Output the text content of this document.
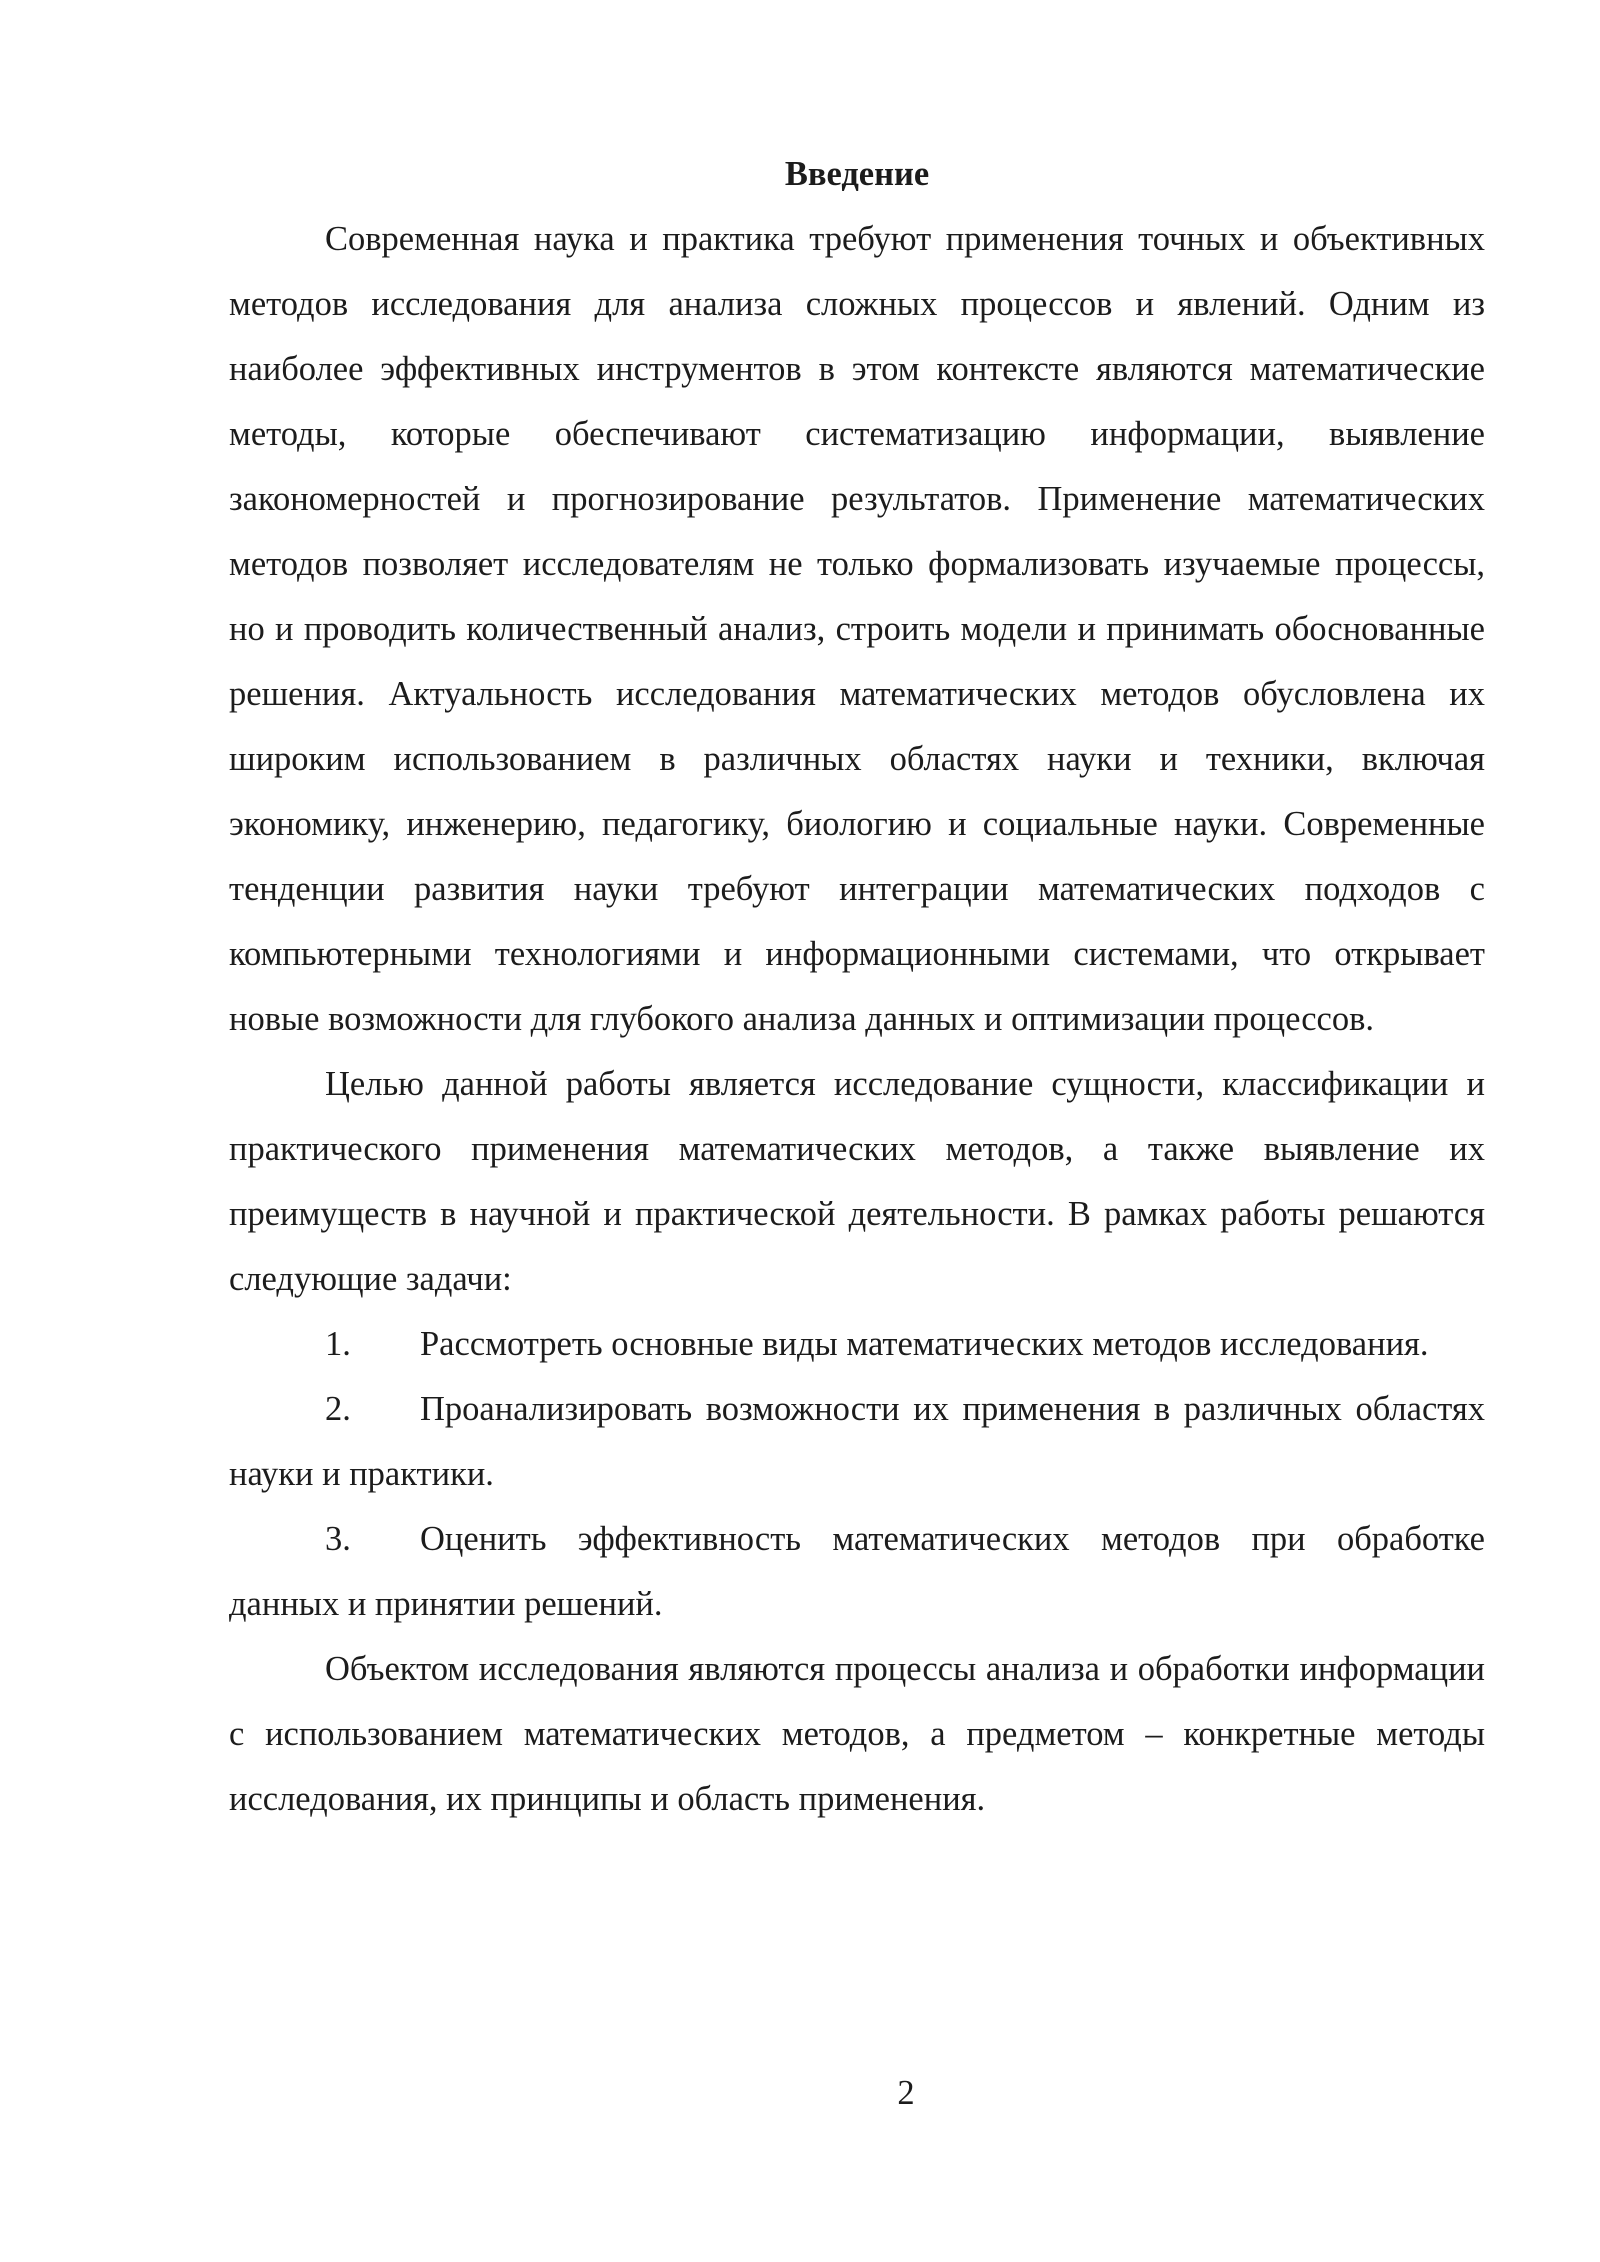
Введение

Современная наука и практика требуют применения точных и объективных методов исследования для анализа сложных процессов и явлений. Одним из наиболее эффективных инструментов в этом контексте являются математические методы, которые обеспечивают систематизацию информации, выявление закономерностей и прогнозирование результатов. Применение математических методов позволяет исследователям не только формализовать изучаемые процессы, но и проводить количественный анализ, строить модели и принимать обоснованные решения. Актуальность исследования математических методов обусловлена их широким использованием в различных областях науки и техники, включая экономику, инженерию, педагогику, биологию и социальные науки. Современные тенденции развития науки требуют интеграции математических подходов с компьютерными технологиями и информационными системами, что открывает новые возможности для глубокого анализа данных и оптимизации процессов.

Целью данной работы является исследование сущности, классификации и практического применения математических методов, а также выявление их преимуществ в научной и практической деятельности. В рамках работы решаются следующие задачи:

1. Рассмотреть основные виды математических методов исследования.

2. Проанализировать возможности их применения в различных областях науки и практики.

3. Оценить эффективность математических методов при обработке данных и принятии решений.

Объектом исследования являются процессы анализа и обработки информации с использованием математических методов, а предметом – конкретные методы исследования, их принципы и область применения.

2
